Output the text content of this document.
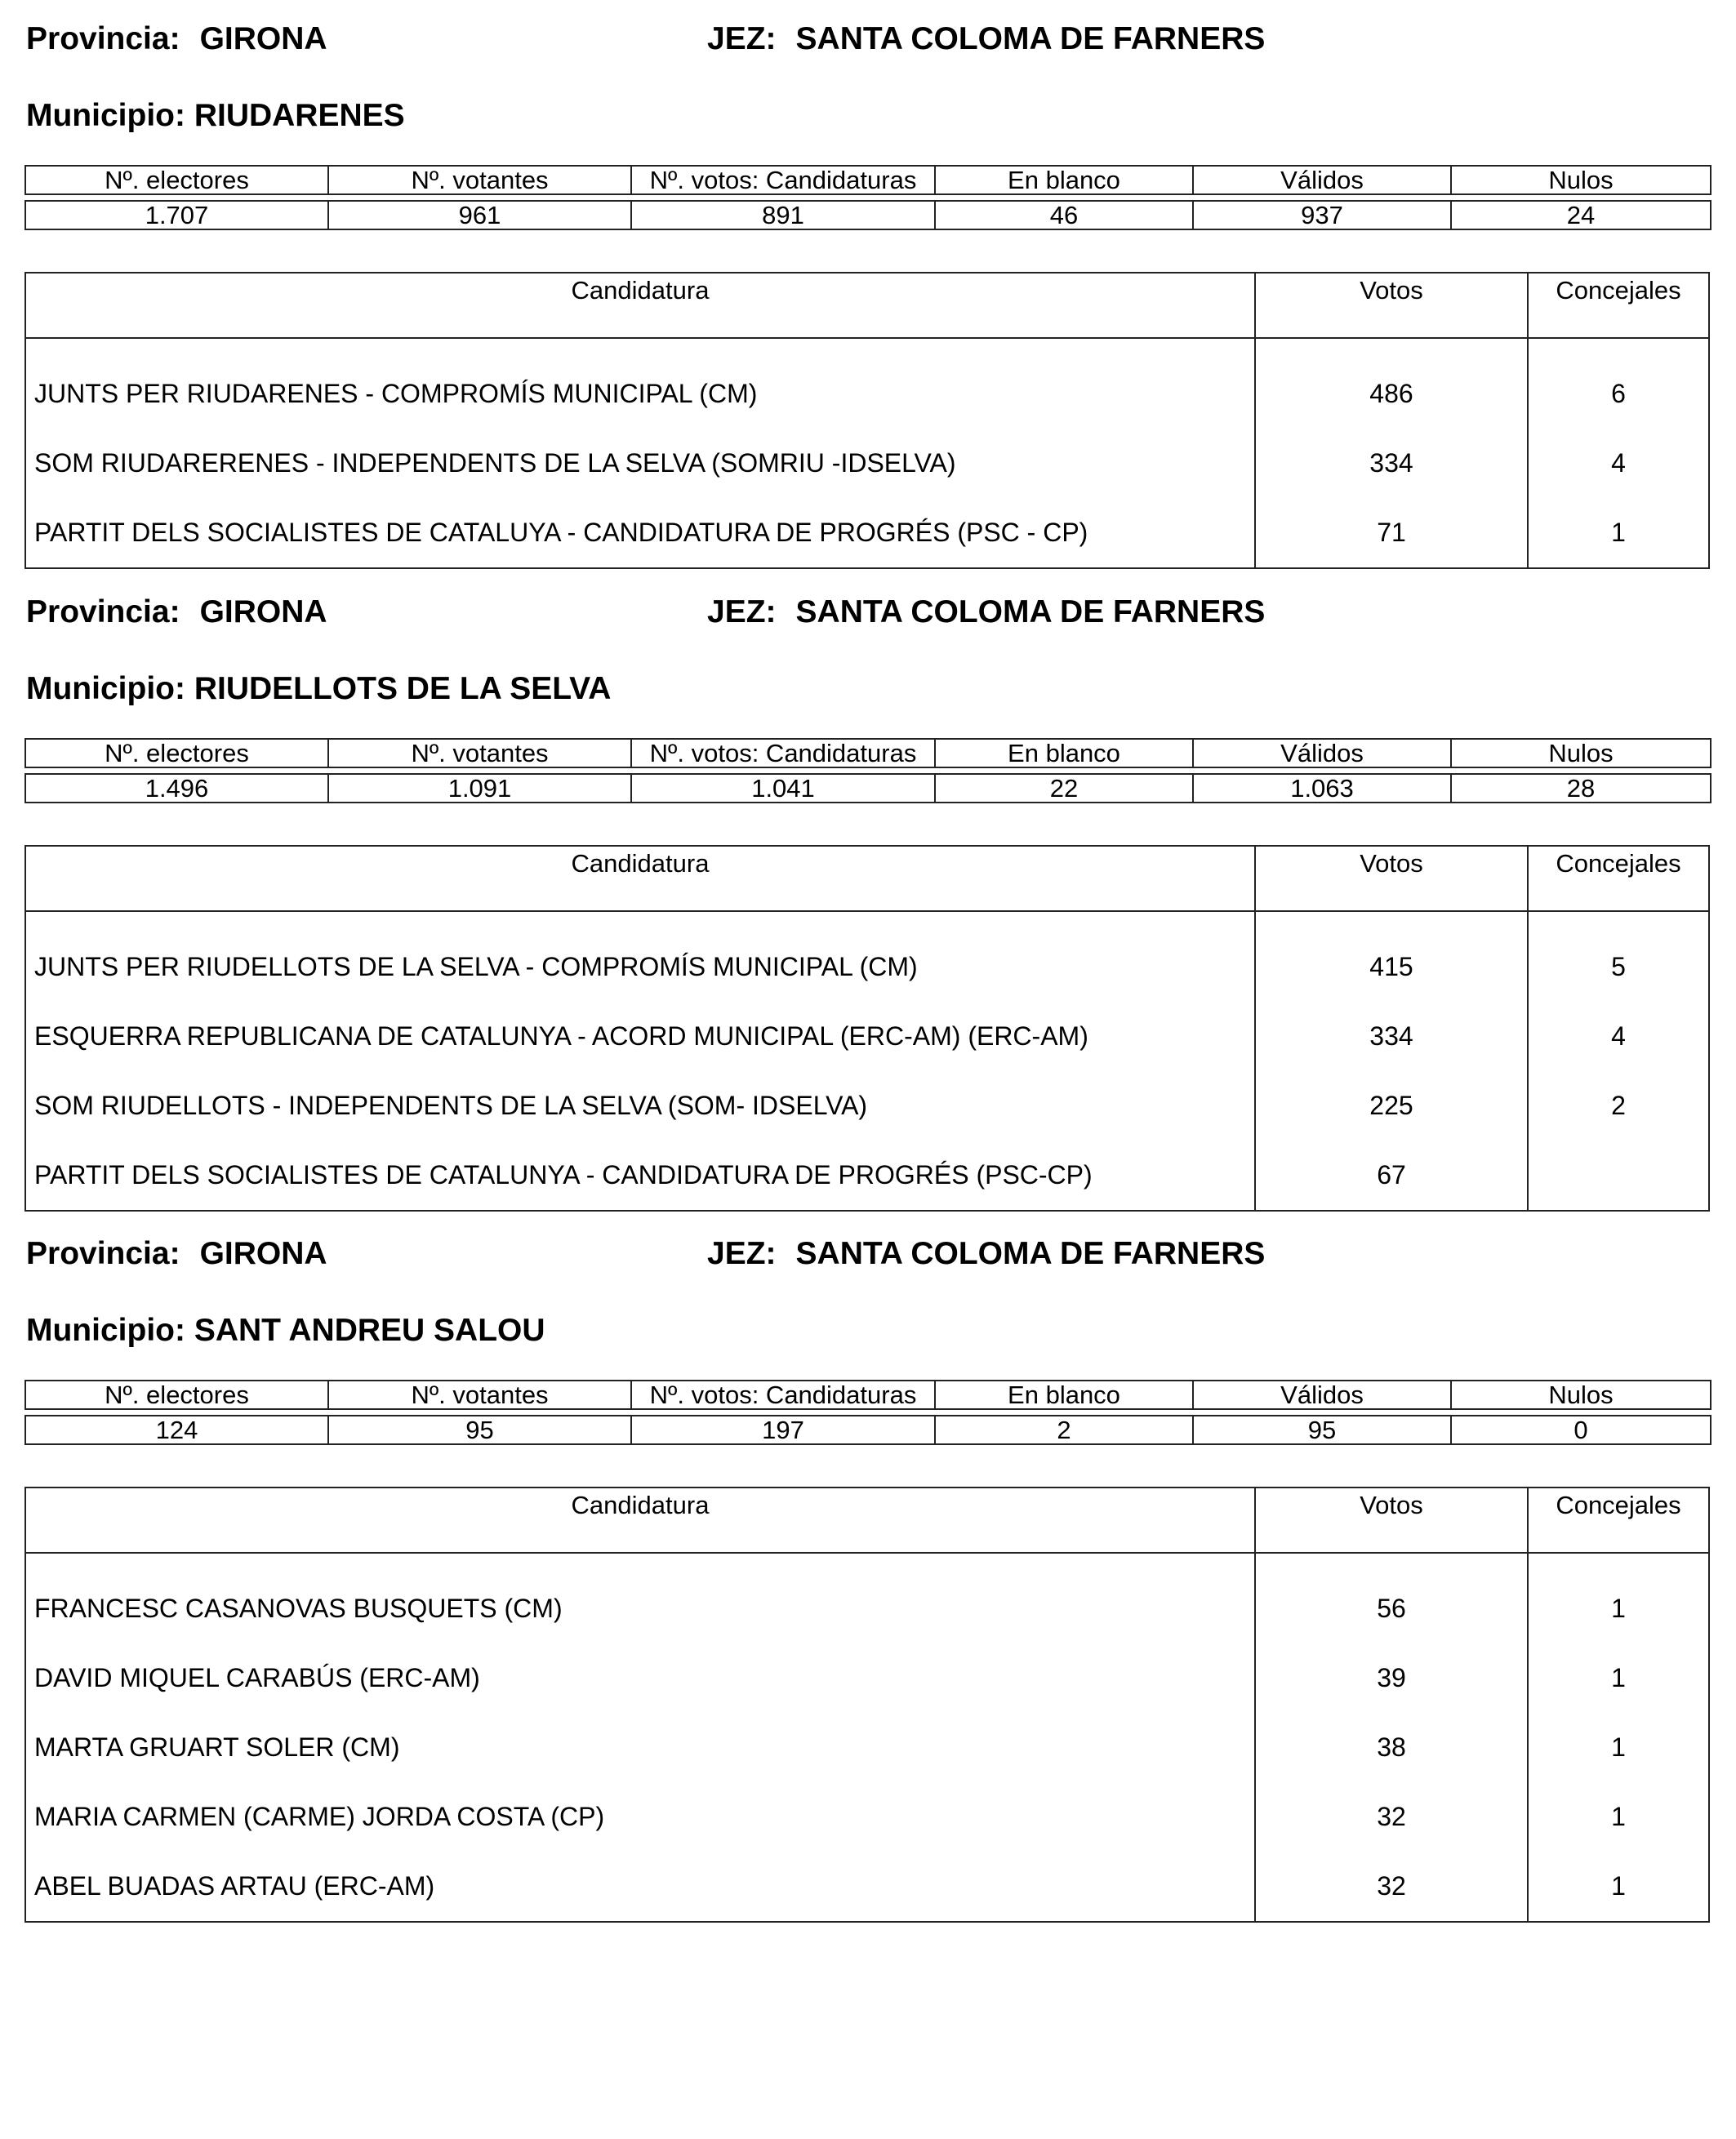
Provincia: GIRONA	JEZ: SANTA COLOMA DE FARNERS
Municipio: RIUDARENES
Nº. electores	Nº. votantes	Nº. votos: Candidaturas	En blanco	Válidos	Nulos

1.707	961	891	46	937	24
Candidatura	Votos	Concejales
JUNTS PER RIUDARENES - COMPROMÍS MUNICIPAL (CM)	486	6
SOM RIUDARERENES - INDEPENDENTS DE LA SELVA (SOMRIU -IDSELVA)	334	4
PARTIT DELS SOCIALISTES DE CATALUYA - CANDIDATURA DE PROGRÉS (PSC - CP)	71	1
Provincia: GIRONA	JEZ: SANTA COLOMA DE FARNERS
Municipio: RIUDELLOTS DE LA SELVA
Nº. electores	Nº. votantes	Nº. votos: Candidaturas	En blanco	Válidos	Nulos

1.496	1.091	1.041	22	1.063	28
Candidatura	Votos	Concejales
JUNTS PER RIUDELLOTS DE LA SELVA - COMPROMÍS MUNICIPAL (CM)	415	5
ESQUERRA REPUBLICANA DE CATALUNYA - ACORD MUNICIPAL (ERC-AM) (ERC-AM)	334	4
SOM RIUDELLOTS - INDEPENDENTS DE LA SELVA (SOM- IDSELVA)	225	2
PARTIT DELS SOCIALISTES DE CATALUNYA - CANDIDATURA DE PROGRÉS (PSC-CP)	67
Provincia: GIRONA	JEZ: SANTA COLOMA DE FARNERS
Municipio: SANT ANDREU SALOU
Nº. electores	Nº. votantes	Nº. votos: Candidaturas	En blanco	Válidos	Nulos

124	95	197	2	95	0
Candidatura	Votos	Concejales
FRANCESC CASANOVAS BUSQUETS (CM)	56	1
DAVID MIQUEL CARABÚS (ERC-AM)	39	1
MARTA GRUART SOLER (CM)	38	1
MARIA CARMEN (CARME) JORDA COSTA (CP)	32	1
ABEL BUADAS ARTAU (ERC-AM)	32	1
